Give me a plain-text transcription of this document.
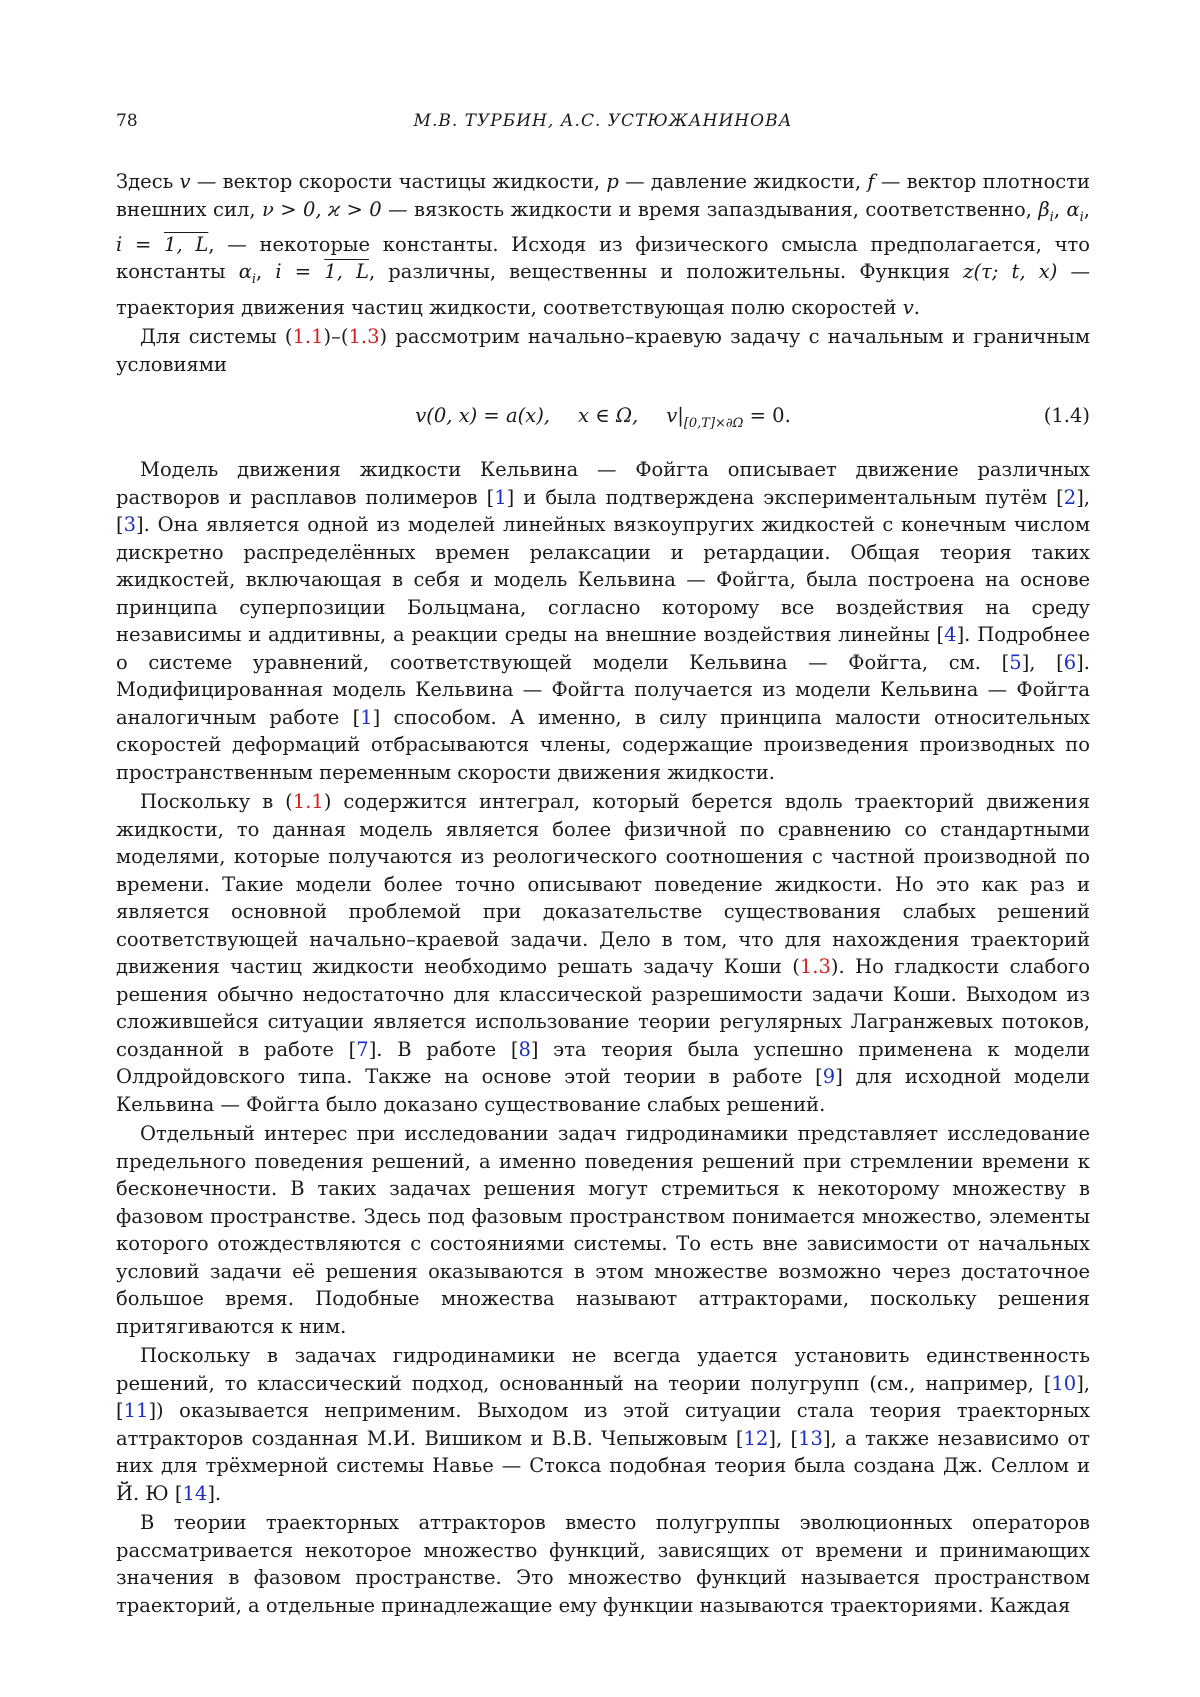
78	М.В. ТУРБИН, А.С. УСТЮЖАНИНОВА

Здесь v — вектор скорости частицы жидкости, p — давление жидкости, f — вектор плотности внешних сил, ν > 0, ϰ > 0 — вязкость жидкости и время запаздывания, соответственно, $\beta_i$, $\alpha_i$, i = 1, L, — некоторые константы. Исходя из физического смысла предполагается, что константы $\alpha_i$, i = 1, L, различны, вещественны и положительны. Функция z(τ; t, x) — траектория движения частиц жидкости, соответствующая полю скоростей v.

Для системы (1.1)–(1.3) рассмотрим начально–краевую задачу с начальным и граничным условиями

v(0, x) = a(x), x ∈ Ω, $v|_{[0,T]\times\partial\Omega} = 0$.	(1.4)

Модель движения жидкости Кельвина — Фойгта описывает движение различных растворов и расплавов полимеров [1] и была подтверждена экспериментальным путём [2], [3]. Она является одной из моделей линейных вязкоупругих жидкостей с конечным числом дискретно распределённых времен релаксации и ретардации. Общая теория таких жидкостей, включающая в себя и модель Кельвина — Фойгта, была построена на основе принципа суперпозиции Больцмана, согласно которому все воздействия на среду независимы и аддитивны, а реакции среды на внешние воздействия линейны [4]. Подробнее о системе уравнений, соответствующей модели Кельвина — Фойгта, см. [5], [6]. Модифицированная модель Кельвина — Фойгта получается из модели Кельвина — Фойгта аналогичным работе [1] способом. А именно, в силу принципа малости относительных скоростей деформаций отбрасываются члены, содержащие произведения производных по пространственным переменным скорости движения жидкости.

Поскольку в (1.1) содержится интеграл, который берется вдоль траекторий движения жидкости, то данная модель является более физичной по сравнению со стандартными моделями, которые получаются из реологического соотношения с частной производной по времени. Такие модели более точно описывают поведение жидкости. Но это как раз и является основной проблемой при доказательстве существования слабых решений соответствующей начально–краевой задачи. Дело в том, что для нахождения траекторий движения частиц жидкости необходимо решать задачу Коши (1.3). Но гладкости слабого решения обычно недостаточно для классической разрешимости задачи Коши. Выходом из сложившейся ситуации является использование теории регулярных Лагранжевых потоков, созданной в работе [7]. В работе [8] эта теория была успешно применена к модели Олдройдовского типа. Также на основе этой теории в работе [9] для исходной модели Кельвина — Фойгта было доказано существование слабых решений.

Отдельный интерес при исследовании задач гидродинамики представляет исследование предельного поведения решений, а именно поведения решений при стремлении времени к бесконечности. В таких задачах решения могут стремиться к некоторому множеству в фазовом пространстве. Здесь под фазовым пространством понимается множество, элементы которого отождествляются с состояниями системы. То есть вне зависимости от начальных условий задачи её решения оказываются в этом множестве возможно через достаточное большое время. Подобные множества называют аттракторами, поскольку решения притягиваются к ним.

Поскольку в задачах гидродинамики не всегда удается установить единственность решений, то классический подход, основанный на теории полугрупп (см., например, [10], [11]) оказывается неприменим. Выходом из этой ситуации стала теория траекторных аттракторов созданная М.И. Вишиком и В.В. Чепыжовым [12], [13], а также независимо от них для трёхмерной системы Навье — Стокса подобная теория была создана Дж. Селлом и Й. Ю [14].

В теории траекторных аттракторов вместо полугруппы эволюционных операторов рассматривается некоторое множество функций, зависящих от времени и принимающих значения в фазовом пространстве. Это множество функций называется пространством траекторий, а отдельные принадлежащие ему функции называются траекториями. Каждая
